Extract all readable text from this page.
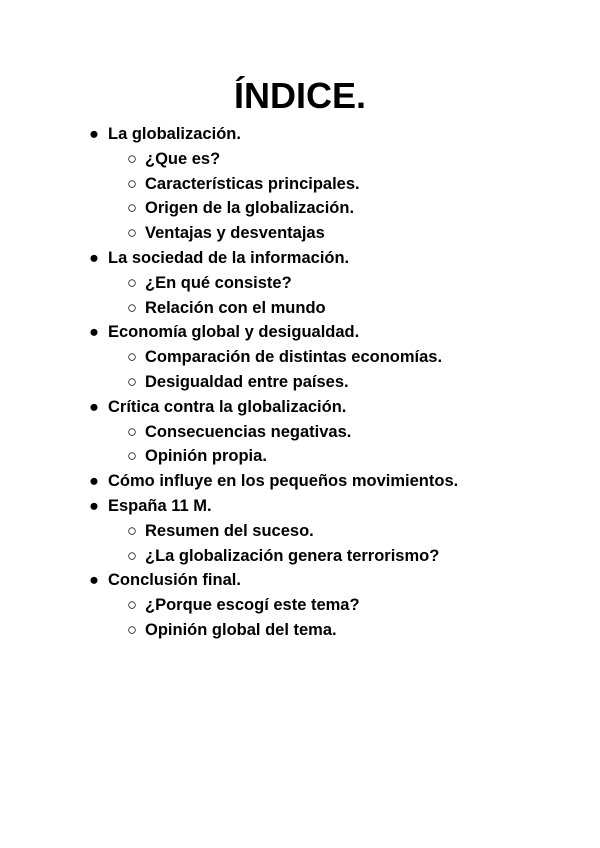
ÍNDICE.
● La globalización.
○ ¿Que es?
○ Características principales.
○ Origen de la globalización.
○ Ventajas y desventajas
● La sociedad de la información.
○ ¿En qué consiste?
○ Relación con el mundo
● Economía global y desigualdad.
○ Comparación de distintas economías.
○ Desigualdad entre países.
● Crítica contra la globalización.
○ Consecuencias negativas.
○ Opinión propia.
● Cómo influye en los pequeños movimientos.
● España 11 M.
○ Resumen del suceso.
○ ¿La globalización genera terrorismo?
● Conclusión final.
○ ¿Porque escogí este tema?
○ Opinión global del tema.
